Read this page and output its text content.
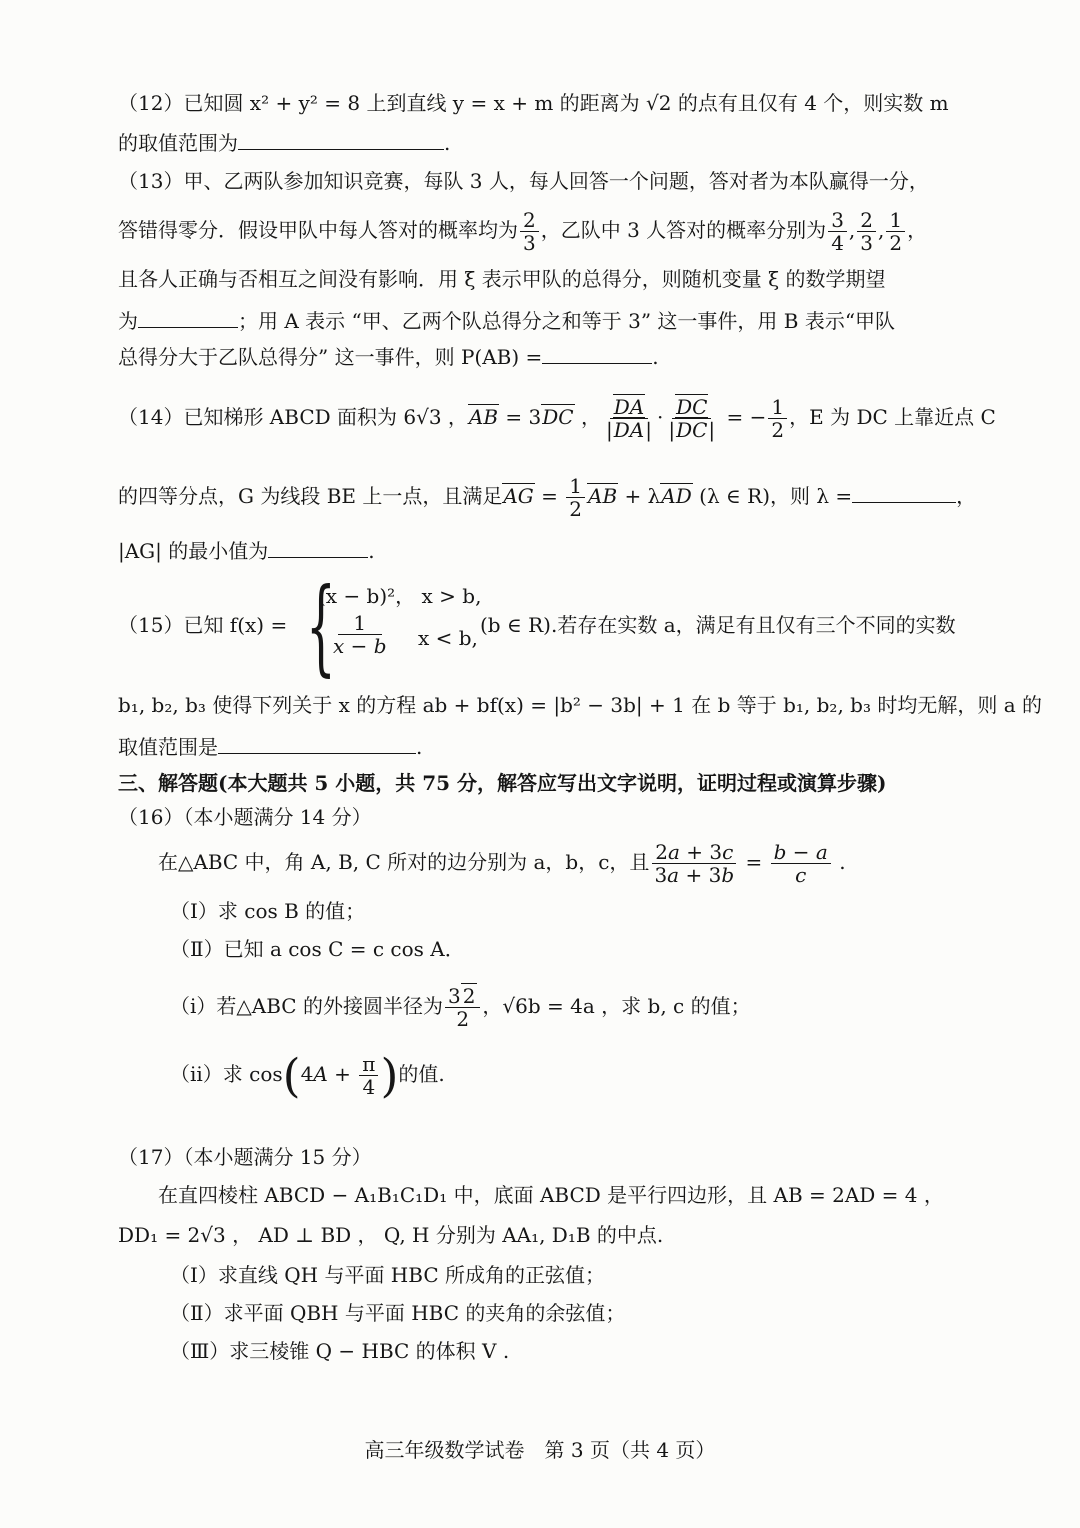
（12）已知圆 x² + y² = 8 上到直线 y = x + m 的距离为 √2 的点有且仅有 4 个，则实数 m
的取值范围为	.
（13）甲、乙两队参加知识竞赛，每队 3 人，每人回答一个问题，答对者为本队赢得一分，
答错得零分．假设甲队中每人答对的概率均为 $\frac{2}{3}$ ，乙队中 3 人答对的概率分别为 $\frac{3}{4}$ , $\frac{2}{3}$ , $\frac{1}{2}$ ，
且各人正确与否相互之间没有影响．用 ξ 表示甲队的总得分，则随机变量 ξ 的数学期望
为	；用 A 表示 “甲、乙两个队总得分之和等于 3” 这一事件，用 B 表示“甲队
总得分大于乙队总得分” 这一事件，则 P(AB) =	.
（14）已知梯形 ABCD 面积为 6√3 ，AB = 3DC ， $\frac{DA}{|DA|} \cdot \frac{DC}{|DC|}$ = − $\frac{1}{2}$ ，E 为 DC 上靠近点 C
的四等分点，G 为线段 BE 上一点，且满足AG = $\frac{1}{2}$ AB + λAD (λ ∈ R)，则 λ =	，
|AG| 的最小值为	.
（15）已知 f(x) = {
(x − b)²， x > b,
$\frac{1}{x - b}$ x < b,
(b ∈ R).若存在实数 a，满足有且仅有三个不同的实数
b₁, b₂, b₃ 使得下列关于 x 的方程 ab + bf(x) = |b² − 3b| + 1 在 b 等于 b₁, b₂, b₃ 时均无解，则 a 的
取值范围是	.
三、解答题(本大题共 5 小题，共 75 分，解答应写出文字说明，证明过程或演算步骤)
（16）（本小题满分 14 分）
在△ABC 中，角 A, B, C 所对的边分别为 a，b，c，且 $\frac{2a + 3c}{3a + 3b} = \frac{b - a}{c}$ .
（Ⅰ）求 cos B 的值；
（Ⅱ）已知 a cos C = c cos A．
（i）若△ABC 的外接圆半径为 $\frac{3 2}{2}$ ，√6b = 4a ，求 b, c 的值；
（ii）求 $\cos(4A + \frac{\pi}{4}$ )的值.
（17）（本小题满分 15 分）
在直四棱柱 ABCD − A₁B₁C₁D₁ 中，底面 ABCD 是平行四边形，且 AB = 2AD = 4 ，
DD₁ = 2√3 ， AD ⊥ BD ， Q, H 分别为 AA₁, D₁B 的中点.
（Ⅰ）求直线 QH 与平面 HBC 所成角的正弦值；
（Ⅱ）求平面 QBH 与平面 HBC 的夹角的余弦值；
（Ⅲ）求三棱锥 Q − HBC 的体积 V .
高三年级数学试卷　第 3 页（共 4 页）
